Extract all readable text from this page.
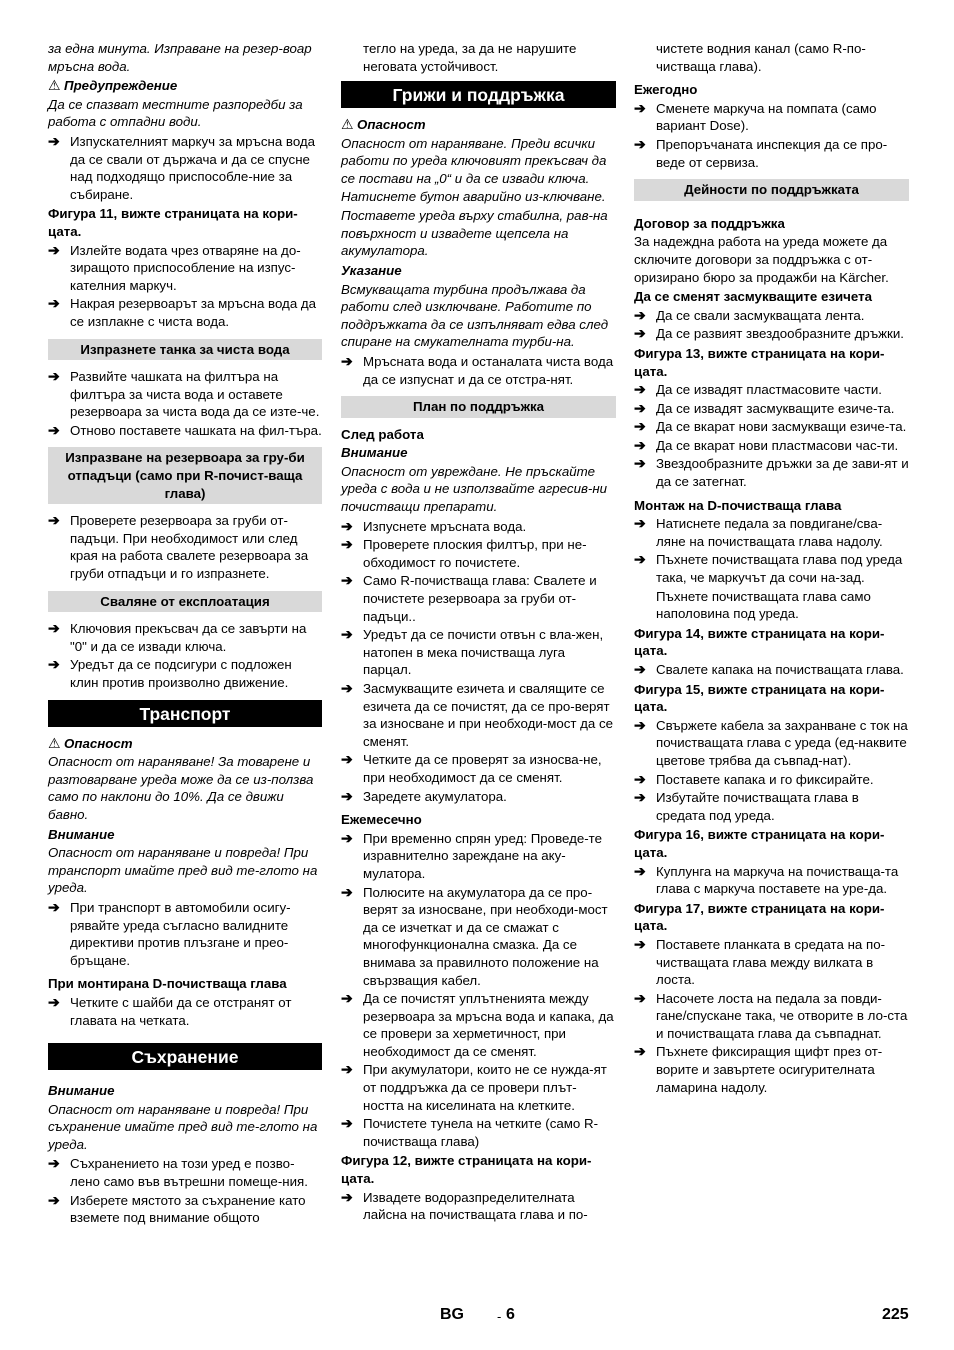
за една минута. Изправане на резер-воар мръсна вода.
⚠ Предупреждение
Да се спазват местните разпоредби за работа с отпадни води.
➔ Изпускателният маркуч за мръсна вода да се свали от държача и да се спусне над подходящо приспособле-ние за събиране.
Фигура 11, вижте страницата на кори-цата.
➔ Излейте водата чрез отваряне на до-зиращото приспособление на изпус-кателния маркуч.
➔ Накрая резервоарът за мръсна вода да се изплакне с чиста вода.
Изпразнете танка за чиста вода
➔ Развийте чашката на филтъра на филтъра за чиста вода и оставете резервоара за чиста вода да се изте-че.
➔ Отново поставете чашката на фил-търа.
Изпразване на резервоара за гру-би отпадъци (само при R-почист-ваща глава)
➔ Проверете резервоара за груби от-падъци. При необходимост или след края на работа свалете резервоара за груби отпадъци и го изпразнете.
Сваляне от експлоатация
➔ Ключовия прекъсвач да се завърти на "0" и да се извади ключа.
➔ Уредът да се подсигури с подложен клин против произволно движение.
Транспорт
⚠ Опасност
Опасност от нараняване! За товарене и разтоварване уреда може да се из-ползва само по наклони до 10%. Да се движи бавно.
Внимание
Опасност от нараняване и повреда! При транспорт имайте пред вид те-глото на уреда.
➔ При транспорт в автомобили осигу-рявайте уреда съгласно валидните директиви против плъзгане и прео-бръщане.
При монтирана D-почистваща глава
➔ Четките с шайби да се отстранят от главата на четката.
Съхранение
Внимание
Опасност от нараняване и повреда! При съхранение имайте пред вид те-глото на уреда.
➔ Съхранението на този уред е позво-лено само във вътрешни помеще-ния.
➔ Изберете мястото за съхранение като вземете под внимание общото
тегло на уреда, за да не нарушите неговата устойчивост.
Грижи и поддръжка
⚠ Опасност
Опасност от нараняване. Преди всички работи по уреда ключовият прекъсвач да се постави на „0“ и да се извади ключа. Натиснете бутон аварийно из-ключване.
Поставете уреда върху стабилна, рав-на повърхност и извадете щепсела на акумулатора.
Указание
Всмукващата турбина продължава да работи след изключване. Работите по поддръжката да се изпълняват едва след спиране на смукателната турби-на.
➔ Мръсната вода и останалата чиста вода да се изпуснат и да се отстра-нят.
План по поддръжка
След работа
Внимание
Опасност от увреждане. Не пръскайте уреда с вода и не използвайте агресив-ни почистващи препарати.
➔ Изпуснете мръсната вода.
➔ Проверете плоския филтър, при не-обходимост го почистете.
➔ Само R-почистваща глава: Свалете и почистете резервоара за груби от-падъци..
➔ Уредът да се почисти отвън с вла-жен, натопен в мека почистваща луга парцал.
➔ Засмукващите езичета и свалящите се езичета да се почистят, да се про-верят за износване и при необходи-мост да се сменят.
➔ Четките да се проверят за износва-не, при необходимост да се сменят.
➔ Заредете акумулатора.
Ежемесечно
➔ При временно спрян уред: Проведе-те изравнително зареждане на аку-мулатора.
➔ Полюсите на акумулатора да се про-верят за износване, при необходи-мост да се изчеткат и да се смажат с многофункционална смазка. Да се внимава за правилното положение на свързващия кабел.
➔ Да се почистят уплътненията между резервоара за мръсна вода и капака, да се провери за херметичност, при необходимост да се сменят.
➔ При акумулатори, които не се нужда-ят от поддръжка да се провери плът-ността на киселината на клетките.
➔ Почистете тунела на четките (само R-почистваща глава)
Фигура 12, вижте страницата на кори-цата.
➔ Извадете водоразпределителната лайсна на почистващата глава и по-
чистете водния канал (само R-по-чистваща глава).
Ежегодно
➔ Сменете маркуча на помпата (само вариант Dose).
➔ Препоръчаната инспекция да се про-веде от сервиза.
Дейности по поддръжката
Договор за поддръжка
За надеждна работа на уреда можете да сключите договори за поддръжка с от-оризирано бюро за продажби на Kärcher.
Да се сменят засмукващите езичета
➔ Да се свали засмукващата лента.
➔ Да се развият звездообразните дръжки.
Фигура 13, вижте страницата на кори-цата.
➔ Да се извадят пластмасовите части.
➔ Да се извадят засмукващите езиче-та.
➔ Да се вкарат нови засмукващи езиче-та.
➔ Да се вкарат нови пластмасови час-ти.
➔ Звездообразните дръжки за де зави-ят и да се затегнат.
Монтаж на D-почистваща глава
➔ Натиснете педала за повдигане/сва-ляне на почистващата глава надолу.
➔ Пъхнете почистващата глава под уреда така, че маркучът да сочи на-зад.
Пъхнете почистващата глава само наполовина под уреда.
Фигура 14, вижте страницата на кори-цата.
➔ Свалете капака на почистващата глава.
Фигура 15, вижте страницата на кори-цата.
➔ Свържете кабела за захранване с ток на почистващата глава с уреда (ед-наквите цветове трябва да съвпад-нат).
➔ Поставете капака и го фиксирайте.
➔ Избутайте почистващата глава в средата под уреда.
Фигура 16, вижте страницата на кори-цата.
➔ Куплунга на маркуча на почистваща-та глава с маркуча поставете на уре-да.
Фигура 17, вижте страницата на кори-цата.
➔ Поставете планката в средата на по-чистващата глава между вилката в лоста.
➔ Насочете лоста на педала за повди-гане/спускане така, че отворите в ло-ста и почистващата глава да съвпаднат.
➔ Пъхнете фиксиращия щифт през от-ворите и завъртете осигурителната ламарина надолу.
BG	- 6	225
